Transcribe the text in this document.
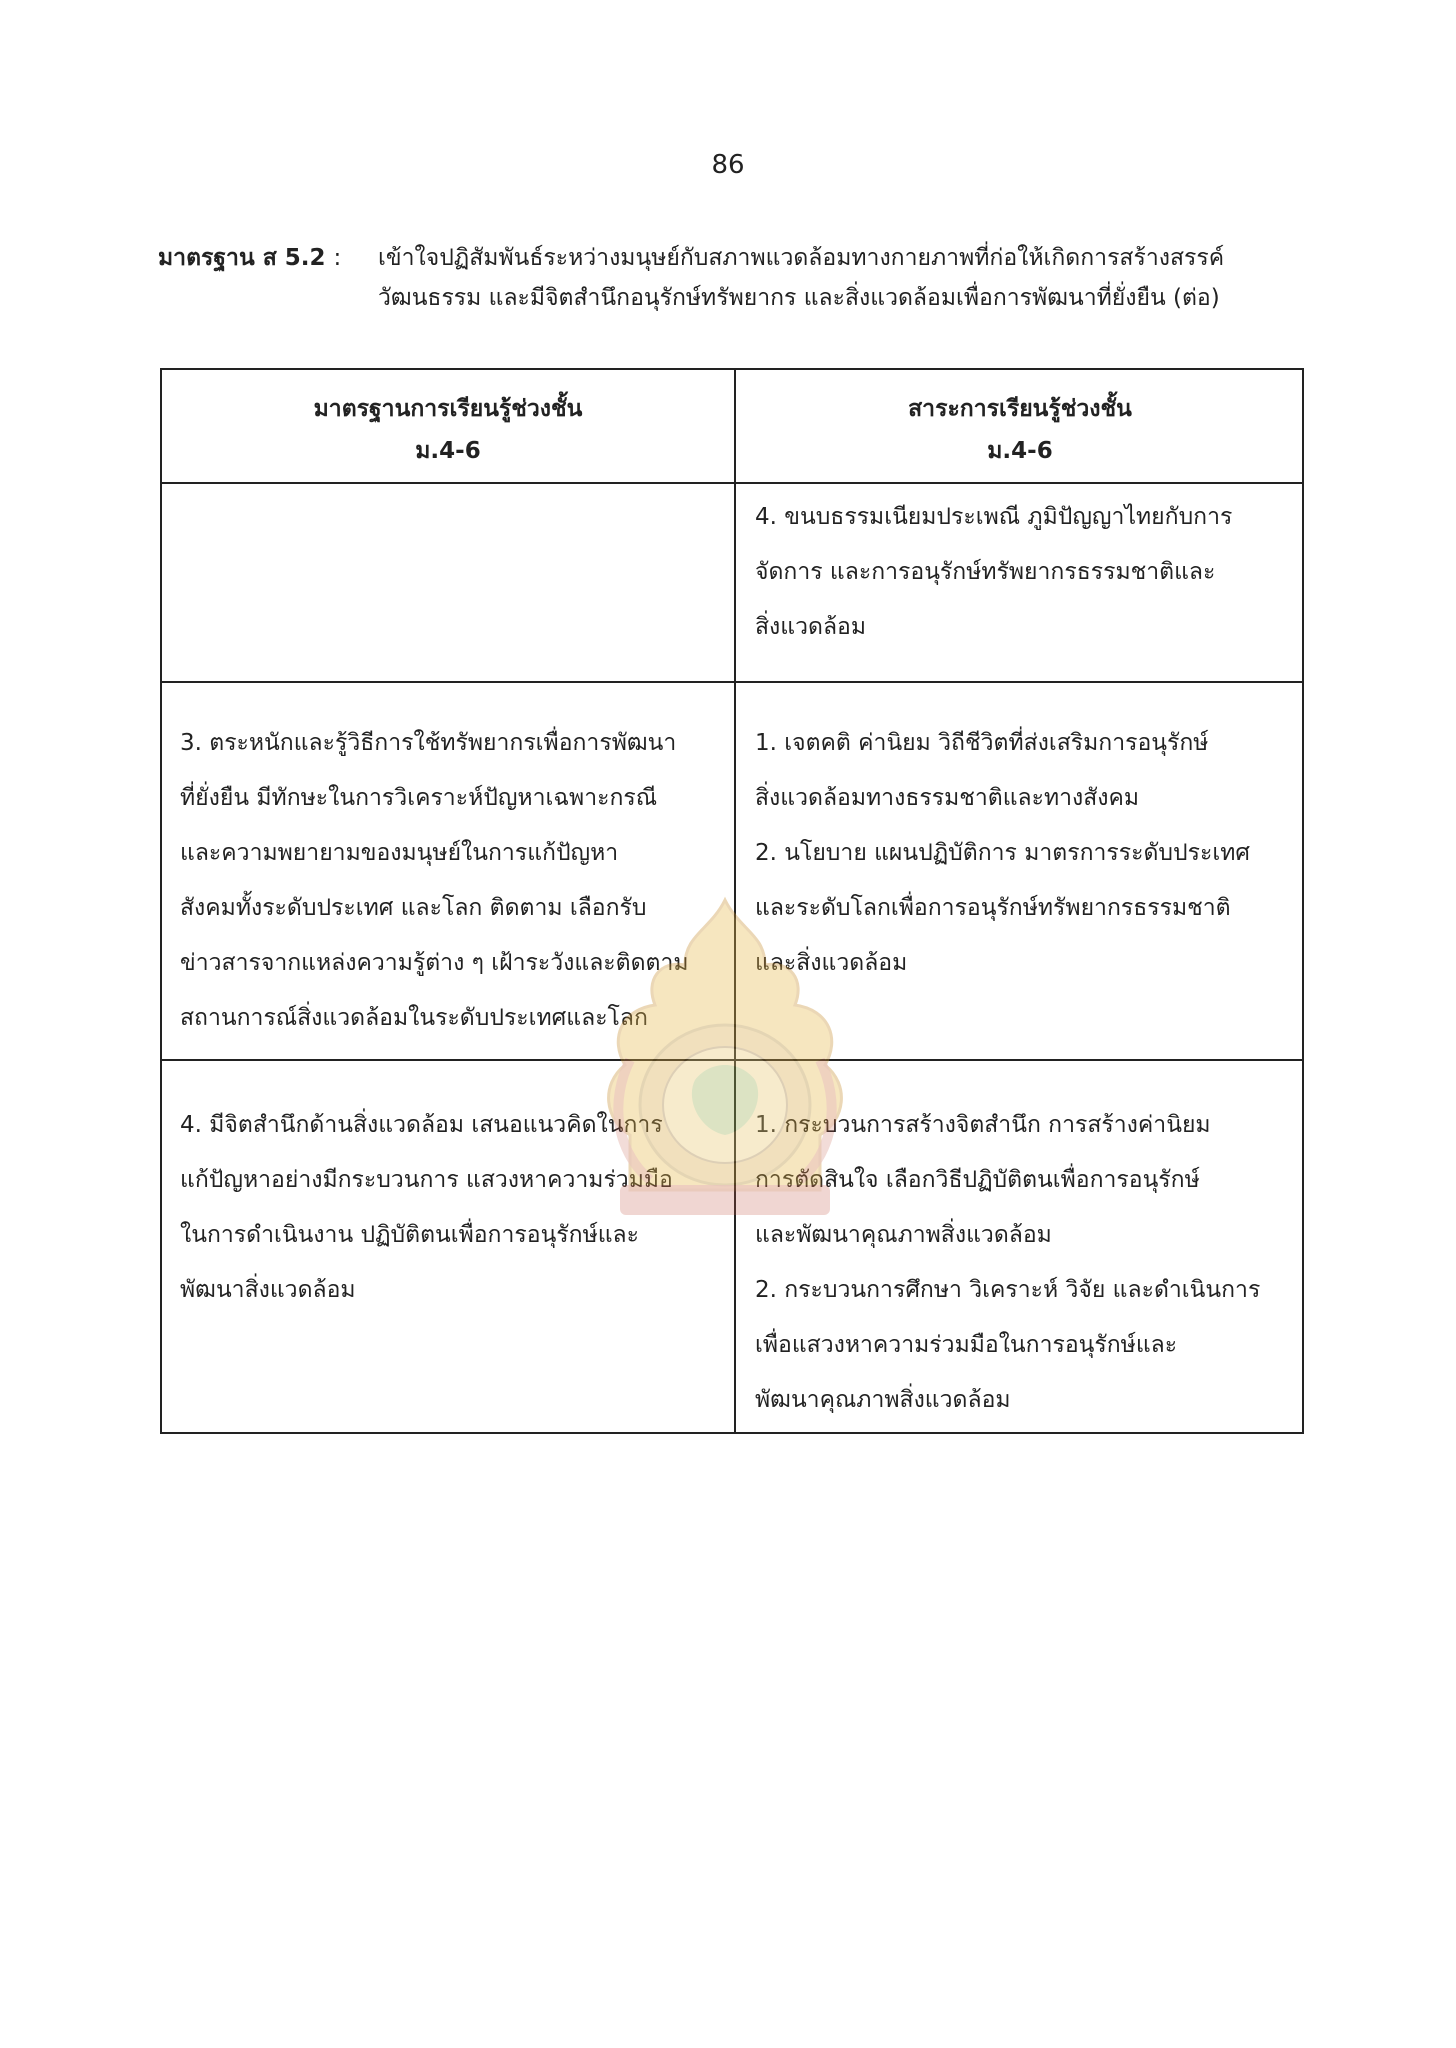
86
มาตรฐาน ส 5.2 : เข้าใจปฏิสัมพันธ์ระหว่างมนุษย์กับสภาพแวดล้อมทางกายภาพที่ก่อให้เกิดการสร้างสรรค์
วัฒนธรรม และมีจิตสำนึกอนุรักษ์ทรัพยากร และสิ่งแวดล้อมเพื่อการพัฒนาที่ยั่งยืน (ต่อ)
มาตรฐานการเรียนรู้ช่วงชั้น
ม.4-6
สาระการเรียนรู้ช่วงชั้น
ม.4-6
4. ขนบธรรมเนียมประเพณี ภูมิปัญญาไทยกับการ
จัดการ และการอนุรักษ์ทรัพยากรธรรมชาติและ
สิ่งแวดล้อม
3. ตระหนักและรู้วิธีการใช้ทรัพยากรเพื่อการพัฒนา
ที่ยั่งยืน มีทักษะในการวิเคราะห์ปัญหาเฉพาะกรณี
และความพยายามของมนุษย์ในการแก้ปัญหา
สังคมทั้งระดับประเทศ และโลก ติดตาม เลือกรับ
ข่าวสารจากแหล่งความรู้ต่าง ๆ เฝ้าระวังและติดตาม
สถานการณ์สิ่งแวดล้อมในระดับประเทศและโลก
1. เจตคติ ค่านิยม วิถีชีวิตที่ส่งเสริมการอนุรักษ์
สิ่งแวดล้อมทางธรรมชาติและทางสังคม
2. นโยบาย แผนปฏิบัติการ มาตรการระดับประเทศ
และระดับโลกเพื่อการอนุรักษ์ทรัพยากรธรรมชาติ
และสิ่งแวดล้อม
4. มีจิตสำนึกด้านสิ่งแวดล้อม เสนอแนวคิดในการ
แก้ปัญหาอย่างมีกระบวนการ แสวงหาความร่วมมือ
ในการดำเนินงาน ปฏิบัติตนเพื่อการอนุรักษ์และ
พัฒนาสิ่งแวดล้อม
1. กระบวนการสร้างจิตสำนึก การสร้างค่านิยม
การตัดสินใจ เลือกวิธีปฏิบัติตนเพื่อการอนุรักษ์
และพัฒนาคุณภาพสิ่งแวดล้อม
2. กระบวนการศึกษา วิเคราะห์ วิจัย และดำเนินการ
เพื่อแสวงหาความร่วมมือในการอนุรักษ์และ
พัฒนาคุณภาพสิ่งแวดล้อม
